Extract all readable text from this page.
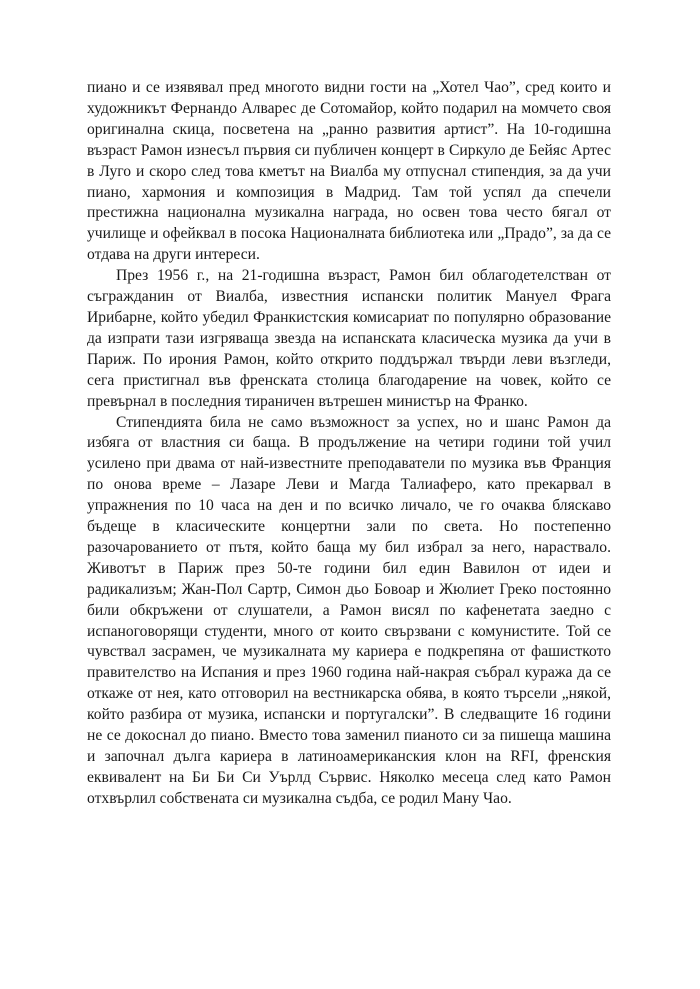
пиано и се изявявал пред многото видни гости на „Хотел Чао”, сред които и художникът Фернандо Алварес де Сотомайор, който подарил на момчето своя оригинална скица, посветена на „ранно развития артист”. На 10-годишна възраст Рамон изнесъл първия си публичен концерт в Сиркуло де Бейяс Артес в Луго и скоро след това кметът на Виалба му отпуснал стипендия, за да учи пиано, хармония и композиция в Мадрид. Там той успял да спечели престижна национална музикална награда, но освен това често бягал от училище и офейквал в посока Националната библиотека или „Прадо”, за да се отдава на други интереси.

През 1956 г., на 21-годишна възраст, Рамон бил облагодетелстван от съгражданин от Виалба, известния испански политик Мануел Фрага Ирибарне, който убедил Франкистския комисариат по популярно образование да изпрати тази изгряваща звезда на испанската класическа музика да учи в Париж. По ирония Рамон, който открито поддържал твърди леви възгледи, сега пристигнал във френската столица благодарение на човек, който се превърнал в последния тираничен вътрешен министър на Франко.

Стипендията била не само възможност за успех, но и шанс Рамон да избяга от властния си баща. В продължение на четири години той учил усилено при двама от най-известните преподаватели по музика във Франция по онова време – Лазаре Леви и Магда Талиаферо, като прекарвал в упражнения по 10 часа на ден и по всичко личало, че го очаква бляскаво бъдеще в класическите концертни зали по света. Но постепенно разочарованието от пътя, който баща му бил избрал за него, нараствало. Животът в Париж през 50-те години бил един Вавилон от идеи и радикализъм; Жан-Пол Сартр, Симон дьо Бовоар и Жюлиет Греко постоянно били обкръжени от слушатели, а Рамон висял по кафенетата заедно с испаноговорящи студенти, много от които свързвани с комунистите. Той се чувствал засрамен, че музикалната му кариера е подкрепяна от фашисткото правителство на Испания и през 1960 година най-накрая събрал куража да се откаже от нея, като отговорил на вестникарска обява, в която търсели „някой, който разбира от музика, испански и португалски”. В следващите 16 години не се докоснал до пиано. Вместо това заменил пианото си за пишеща машина и започнал дълга кариера в латиноамериканския клон на RFI, френския еквивалент на Би Би Си Уърлд Сървис. Няколко месеца след като Рамон отхвърлил собствената си музикална съдба, се родил Ману Чао.
